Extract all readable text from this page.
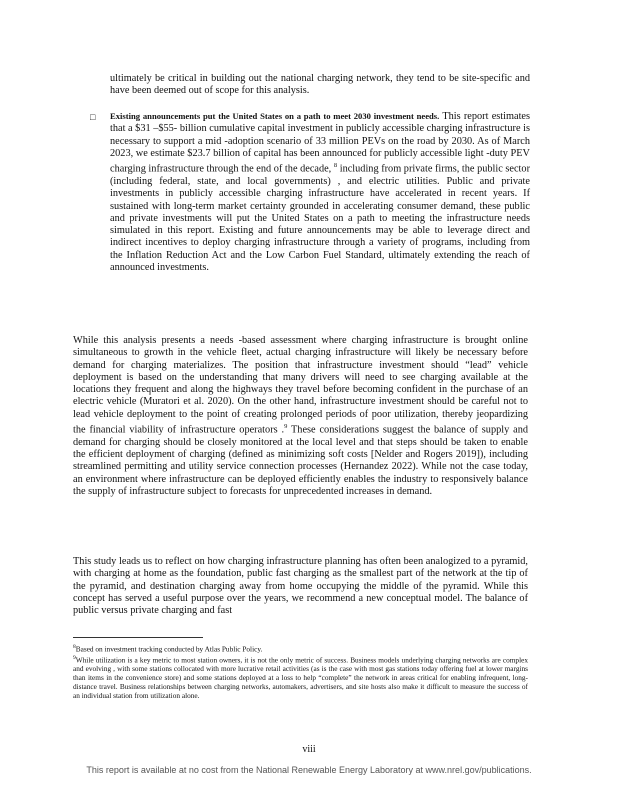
ultimately be critical in building out the national charging network, they tend to be site-specific and have been deemed out of scope for this analysis.

□ Existing announcements put the United States on a path to meet 2030 investment needs. This report estimates that a $31 –$55- billion cumulative capital investment in publicly accessible charging infrastructure is necessary to support a mid -adoption scenario of 33 million PEVs on the road by 2030. As of March 2023, we estimate $23.7 billion of capital has been announced for publicly accessible light -duty PEV charging infrastructure through the end of the decade, $^8$ including from private firms, the public sector (including federal, state, and local governments) , and electric utilities. Public and private investments in publicly accessible charging infrastructure have accelerated in recent years. If sustained with long-term market certainty grounded in accelerating consumer demand, these public and private investments will put the United States on a path to meeting the infrastructure needs simulated in this report. Existing and future announcements may be able to leverage direct and indirect incentives to deploy charging infrastructure through a variety of programs, including from the Inflation Reduction Act and the Low Carbon Fuel Standard, ultimately extending the reach of announced investments.

While this analysis presents a needs -based assessment where charging infrastructure is brought online simultaneous to growth in the vehicle fleet, actual charging infrastructure will likely be necessary before demand for charging materializes. The position that infrastructure investment should “lead” vehicle deployment is based on the understanding that many drivers will need to see charging available at the locations they frequent and along the highways they travel before becoming confident in the purchase of an electric vehicle (Muratori et al. 2020). On the other hand, infrastructure investment should be careful not to lead vehicle deployment to the point of creating prolonged periods of poor utilization, thereby jeopardizing the financial viability of infrastructure operators .$^9$ These considerations suggest the balance of supply and demand for charging should be closely monitored at the local level and that steps should be taken to enable the efficient deployment of charging (defined as minimizing soft costs [Nelder and Rogers 2019]), including streamlined permitting and utility service connection processes (Hernandez 2022). While not the case today, an environment where infrastructure can be deployed efficiently enables the industry to responsively balance the supply of infrastructure subject to forecasts for unprecedented increases in demand.

This study leads us to reflect on how charging infrastructure planning has often been analogized to a pyramid, with charging at home as the foundation, public fast charging as the smallest part of the network at the tip of the pyramid, and destination charging away from home occupying the middle of the pyramid. While this concept has served a useful purpose over the years, we recommend a new conceptual model. The balance of public versus private charging and fast

$^8$Based on investment tracking conducted by Atlas Public Policy.

$^9$While utilization is a key metric to most station owners, it is not the only metric of success. Business models underlying charging networks are complex and evolving , with some stations collocated with more lucrative retail activities (as is the case with most gas stations today offering fuel at lower margins than items in the convenience store) and some stations deployed at a loss to help “complete” the network in areas critical for enabling infrequent, long-distance travel. Business relationships between charging networks, automakers, advertisers, and site hosts also make it difficult to measure the success of an individual station from utilization alone.

viii
This report is available at no cost from the National Renewable Energy Laboratory at www.nrel.gov/publications.
